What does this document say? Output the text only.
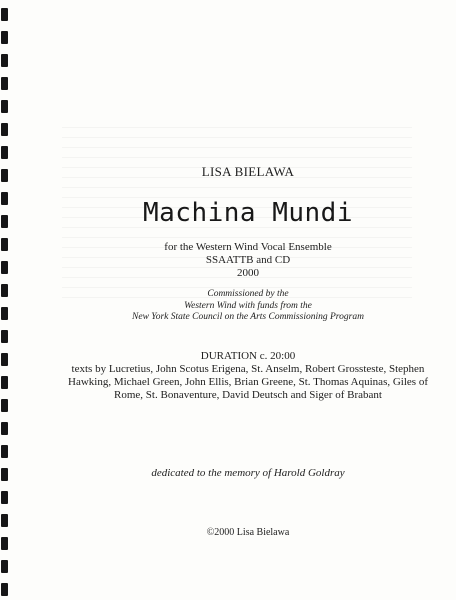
LISA BIELAWA
Machina Mundi
for the Western Wind Vocal Ensemble
SSAATTB and CD
2000
Commissioned by the
Western Wind with funds from the
New York State Council on the Arts Commissioning Program
DURATION c. 20:00
texts by Lucretius, John Scotus Erigena, St. Anselm, Robert Grossteste, Stephen Hawking, Michael Green, John Ellis, Brian Greene, St. Thomas Aquinas, Giles of Rome, St. Bonaventure, David Deutsch and Siger of Brabant
dedicated to the memory of Harold Goldray
©2000 Lisa Bielawa
